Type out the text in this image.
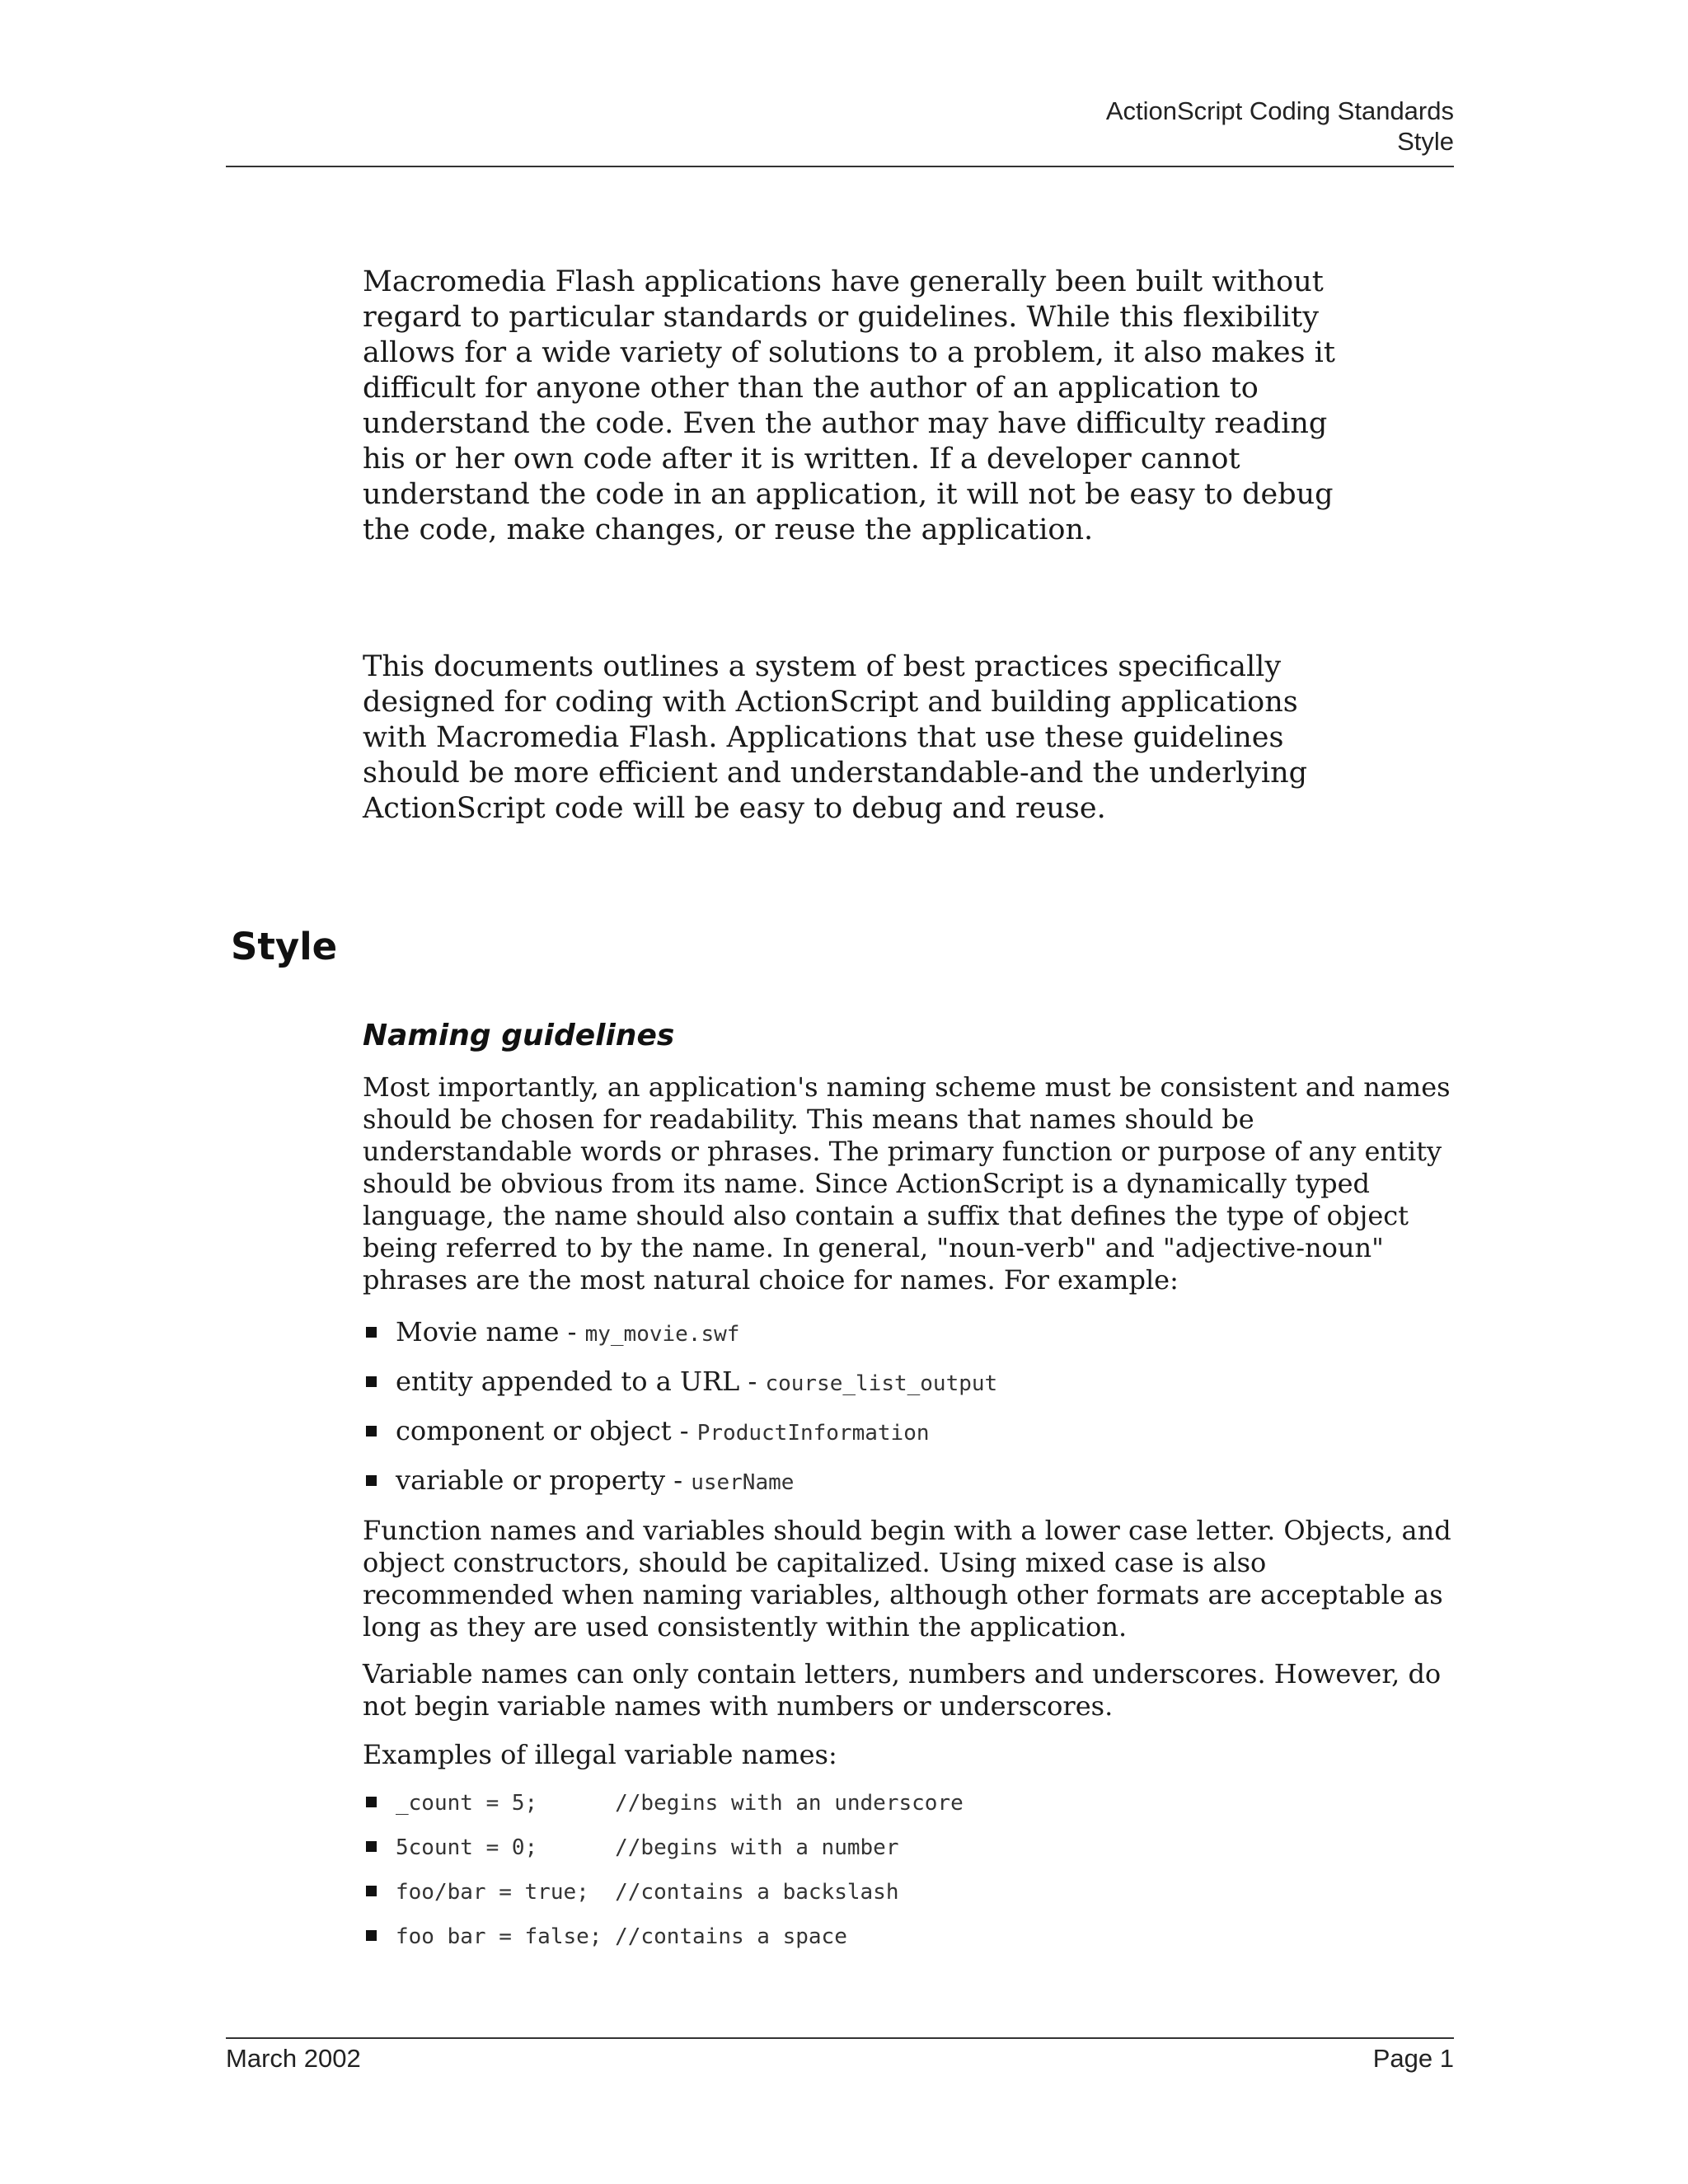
ActionScript Coding Standards
Style

Macromedia Flash applications have generally been built without regard to particular standards or guidelines. While this flexibility allows for a wide variety of solutions to a problem, it also makes it difficult for anyone other than the author of an application to understand the code. Even the author may have difficulty reading his or her own code after it is written. If a developer cannot understand the code in an application, it will not be easy to debug the code, make changes, or reuse the application.

This documents outlines a system of best practices specifically designed for coding with ActionScript and building applications with Macromedia Flash. Applications that use these guidelines should be more efficient and understandable-and the underlying ActionScript code will be easy to debug and reuse.

Style
Naming guidelines

Most importantly, an application's naming scheme must be consistent and names should be chosen for readability. This means that names should be understandable words or phrases. The primary function or purpose of any entity should be obvious from its name. Since ActionScript is a dynamically typed language, the name should also contain a suffix that defines the type of object being referred to by the name. In general, "noun-verb" and "adjective-noun" phrases are the most natural choice for names. For example:

Movie name - my_movie.swf
entity appended to a URL - course_list_output
component or object - ProductInformation
variable or property - userName

Function names and variables should begin with a lower case letter. Objects, and object constructors, should be capitalized. Using mixed case is also recommended when naming variables, although other formats are acceptable as long as they are used consistently within the application.

Variable names can only contain letters, numbers and underscores. However, do not begin variable names with numbers or underscores.

Examples of illegal variable names:

_count = 5;      //begins with an underscore
5count = 0;      //begins with a number
foo/bar = true;  //contains a backslash
foo bar = false; //contains a space
March 2002	Page 1
